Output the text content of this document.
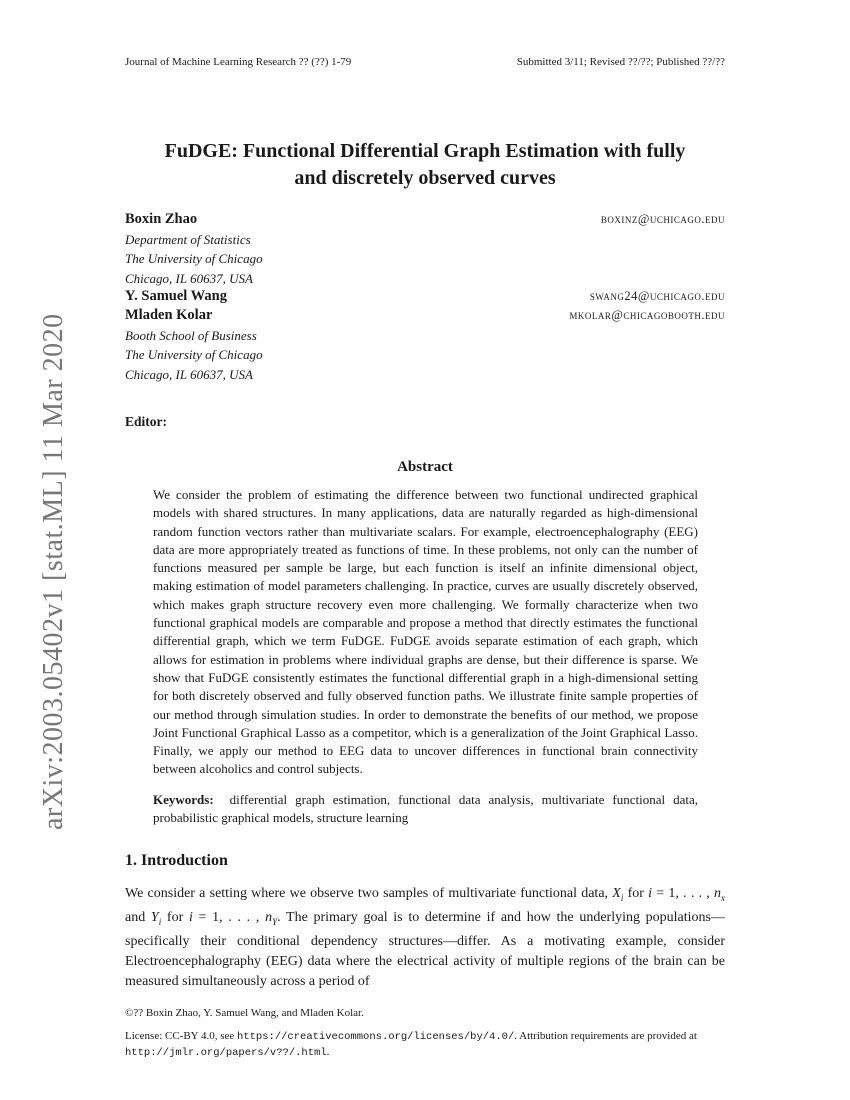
Journal of Machine Learning Research ?? (??) 1-79	Submitted 3/11; Revised ??/??; Published ??/??
arXiv:2003.05402v1 [stat.ML] 11 Mar 2020
FuDGE: Functional Differential Graph Estimation with fully
and discretely observed curves
Boxin Zhao	boxinz@uchicago.edu
Department of Statistics
The University of Chicago
Chicago, IL 60637, USA
Y. Samuel Wang	swang24@uchicago.edu
Mladen Kolar	mkolar@chicagobooth.edu
Booth School of Business
The University of Chicago
Chicago, IL 60637, USA
Editor:
Abstract
We consider the problem of estimating the difference between two functional undirected graphical models with shared structures. In many applications, data are naturally regarded as high-dimensional random function vectors rather than multivariate scalars. For example, electroencephalography (EEG) data are more appropriately treated as functions of time. In these problems, not only can the number of functions measured per sample be large, but each function is itself an infinite dimensional object, making estimation of model parameters challenging. In practice, curves are usually discretely observed, which makes graph structure recovery even more challenging. We formally characterize when two functional graphical models are comparable and propose a method that directly estimates the functional differential graph, which we term FuDGE. FuDGE avoids separate estimation of each graph, which allows for estimation in problems where individual graphs are dense, but their difference is sparse. We show that FuDGE consistently estimates the functional differential graph in a high-dimensional setting for both discretely observed and fully observed function paths. We illustrate finite sample properties of our method through simulation studies. In order to demonstrate the benefits of our method, we propose Joint Functional Graphical Lasso as a competitor, which is a generalization of the Joint Graphical Lasso. Finally, we apply our method to EEG data to uncover differences in functional brain connectivity between alcoholics and control subjects.
Keywords: differential graph estimation, functional data analysis, multivariate functional data, probabilistic graphical models, structure learning
1. Introduction
We consider a setting where we observe two samples of multivariate functional data, $X_i$ for i = 1, . . . , $n_x$ and $Y_i$ for i = 1, . . . , $n_Y$. The primary goal is to determine if and how the underlying populations—specifically their conditional dependency structures—differ. As a motivating example, consider Electroencephalography (EEG) data where the electrical activity of multiple regions of the brain can be measured simultaneously across a period of
©?? Boxin Zhao, Y. Samuel Wang, and Mladen Kolar.
License: CC-BY 4.0, see https://creativecommons.org/licenses/by/4.0/. Attribution requirements are provided at http://jmlr.org/papers/v??/.html.
